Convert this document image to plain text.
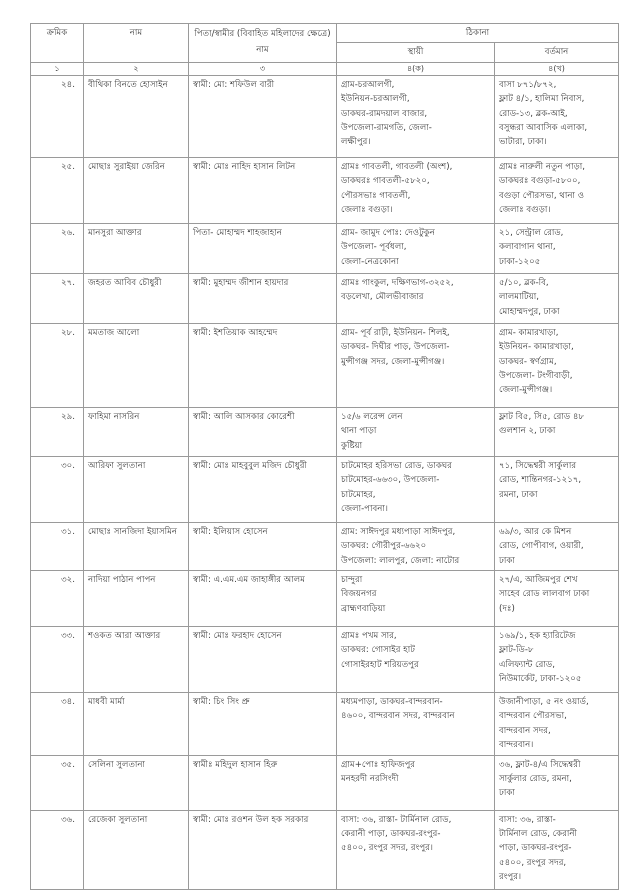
ক্রমিক	নাম	পিতা/স্বামীর (বিবাহিত মহিলাদের ক্ষেত্রে) নাম	ঠিকানা	
			স্থায়ী	বর্তমান
১	২	৩	৪(ক)	৪(খ)
২৪.	বীথিকা বিনতে হোসাইন	স্বামী: মো: শফিউল বারী	গ্রাম-চরআলগী,
ইউনিয়ন-চরআলগী,
ডাকঘর-রামদয়াল বাজার,
উপজেলা-রামগতি, জেলা-
লক্ষীপুর।	বাসা ৮৭১/৮৭২,
ফ্লাট ৪/১, হালিমা নিবাস,
রোড-১৩, ব্লক-আই,
বসুন্ধরা আবাসিক এলাকা,
ভাটারা, ঢাকা।

২৫.	মোছাঃ সুরাইয়া জেরিন	স্বামী: মোঃ নাহিদ হাসান লিটন	গ্রামঃ গাবতলী, গাবতলী (অংশ),
ডাকঘরঃ গাবতলী-৫৮২০,
পৌরসভাঃ গাবতলী,
জেলাঃ বগুড়া।	গ্রামঃ নারুলী নতুন পাড়া,
ডাকঘরঃ বগুড়া-৫৮০০,
বগুড়া পৌরসভা, থানা ও
জেলাঃ বগুড়া।

২৬.	মানসুরা আক্তার	পিতা- মোহাম্মদ শাহজাহান	গ্রাম- জামুদ পোঃ: দেওটুকুন
উপজেলা- পূর্বধলা,
জেলা-নেত্রকোনা	২১, সেন্ট্রাল রোড,
কলাবাগান থানা,
ঢাকা-১২০৫

২৭.	জহরত আবিব চৌধুরী	স্বামী: মুহাম্মদ জীশান হায়দার	গ্রামঃ গাংকুল, দক্ষিণভাগ-৩২৫২,
বড়লেখা, মৌলভীবাজার	৫/১০, ব্লক-বি,
লালমাটিয়া,
মোহাম্মদপুর, ঢাকা

২৮.	মমতাজ আলো	স্বামী: ইশতিয়াক আহম্মেদ	গ্রাম- পূর্ব রাঢ়ী, ইউনিয়ন- শিলই,
ডাকঘর- দিঘীর পাড়, উপজেলা-
মুন্সীগঞ্জ সদর, জেলা-মুন্সীগঞ্জ।	গ্রাম- কামারখাড়া,
ইউনিয়ন- কামারখাড়া,
ডাকঘর- স্বর্ণগ্রাম,
উপজেলা- টংগীবাড়ী,
জেলা-মুন্সীগঞ্জ।

২৯.	ফাহিমা নাসরিন	স্বামী: আলি আসকার কোরেশী	১৫/৬ লরেন্স লেন
থানা পাড়া
কুষ্টিয়া	ফ্লাট বি৫, সি৫, রোড ৪৮
গুলশান ২, ঢাকা

৩০.	আরিফা সুলতানা	স্বামী: মোঃ মাহবুবুল মজিদ চৌধুরী	চাটমোহর হরিসভা রোড, ডাকঘর
চাটমোহর-৬৬৩০, উপজেলা-
চাটমোহর,
জেলা-পাবনা।	৭১, সিদ্ধেশ্বরী সার্কুলার
রোড, শান্তিনগর-১২১৭,
রমনা, ঢাকা

৩১.	মোছাঃ সানজিদা ইয়াসমিন	স্বামী: ইলিয়াস হোসেন	গ্রাম: সাঈদপুর মধ্যপাড়া সাঈদপুর,
ডাকঘর: গৌরীপুর-৬৬২০
উপজেলা: লালপুর, জেলা: নাটোর	৬৯/৩, আর কে মিশন
রোড, গোপীবাগ, ওয়ারী,
ঢাকা

৩২.	নাদিয়া পাঠান পাপন	স্বামী: এ.এম.এম জাহাঙ্গীর আলম	চান্দুরা
বিজয়নগর
ব্রাহ্মণবাড়িয়া	২৭/এ, আজিমপুর শেখ
সাহেব রোড লালবাগ ঢাকা
(দঃ)

৩৩.	শওকত আরা আক্তার	স্বামী: মোঃ ফরহাদ হোসেন	গ্রামঃ পখম সার,
ডাকঘর: গোসাইর হাট
গোসাইরহাট শরিয়তপুর	১৬৯/১, হক হ্যারিটেজ
ফ্লাট-ডি-৮
এলিফ্যান্ট রোড,
নিউমার্কেট, ঢাকা-১২০৫

৩৪.	মাধবী মার্মা	স্বামী: চিং সিং প্রু	মধ্যমপাড়া, ডাকঘর-বান্দরবান-
৪৬০০, বান্দরবান সদর, বান্দরবান	উজানীপাড়া, ৫ নং ওয়ার্ড,
বান্দরবান পৌরসভা,
বান্দরবান সদর,
বান্দরবান।

৩৫.	সেলিনা সুলতানা	স্বামীঃ মহিদুল হাসান হিরু	গ্রাম+পোঃ হাফিজপুর
মনহরদী নরসিংদী	৩৬, ফ্লাট-৪/এ সিদ্ধেশ্বরী
সার্কুলার রোড, রমনা,
ঢাকা

৩৬.	রেজেকা সুলতানা	স্বামী: মোঃ রওশন উল হক সরকার	বাসা: ৩৬, রাস্তা- টার্মিনাল রোড,
কেরানী পাড়া, ডাকঘর-রংপুর-
৫৪০০, রংপুর সদর, রংপুর।	বাসা: ৩৬, রাস্তা-
টার্মিনাল রোড, কেরানী
পাড়া, ডাকঘর-রংপুর-
৫৪০০, রংপুর সদর,
রংপুর।
